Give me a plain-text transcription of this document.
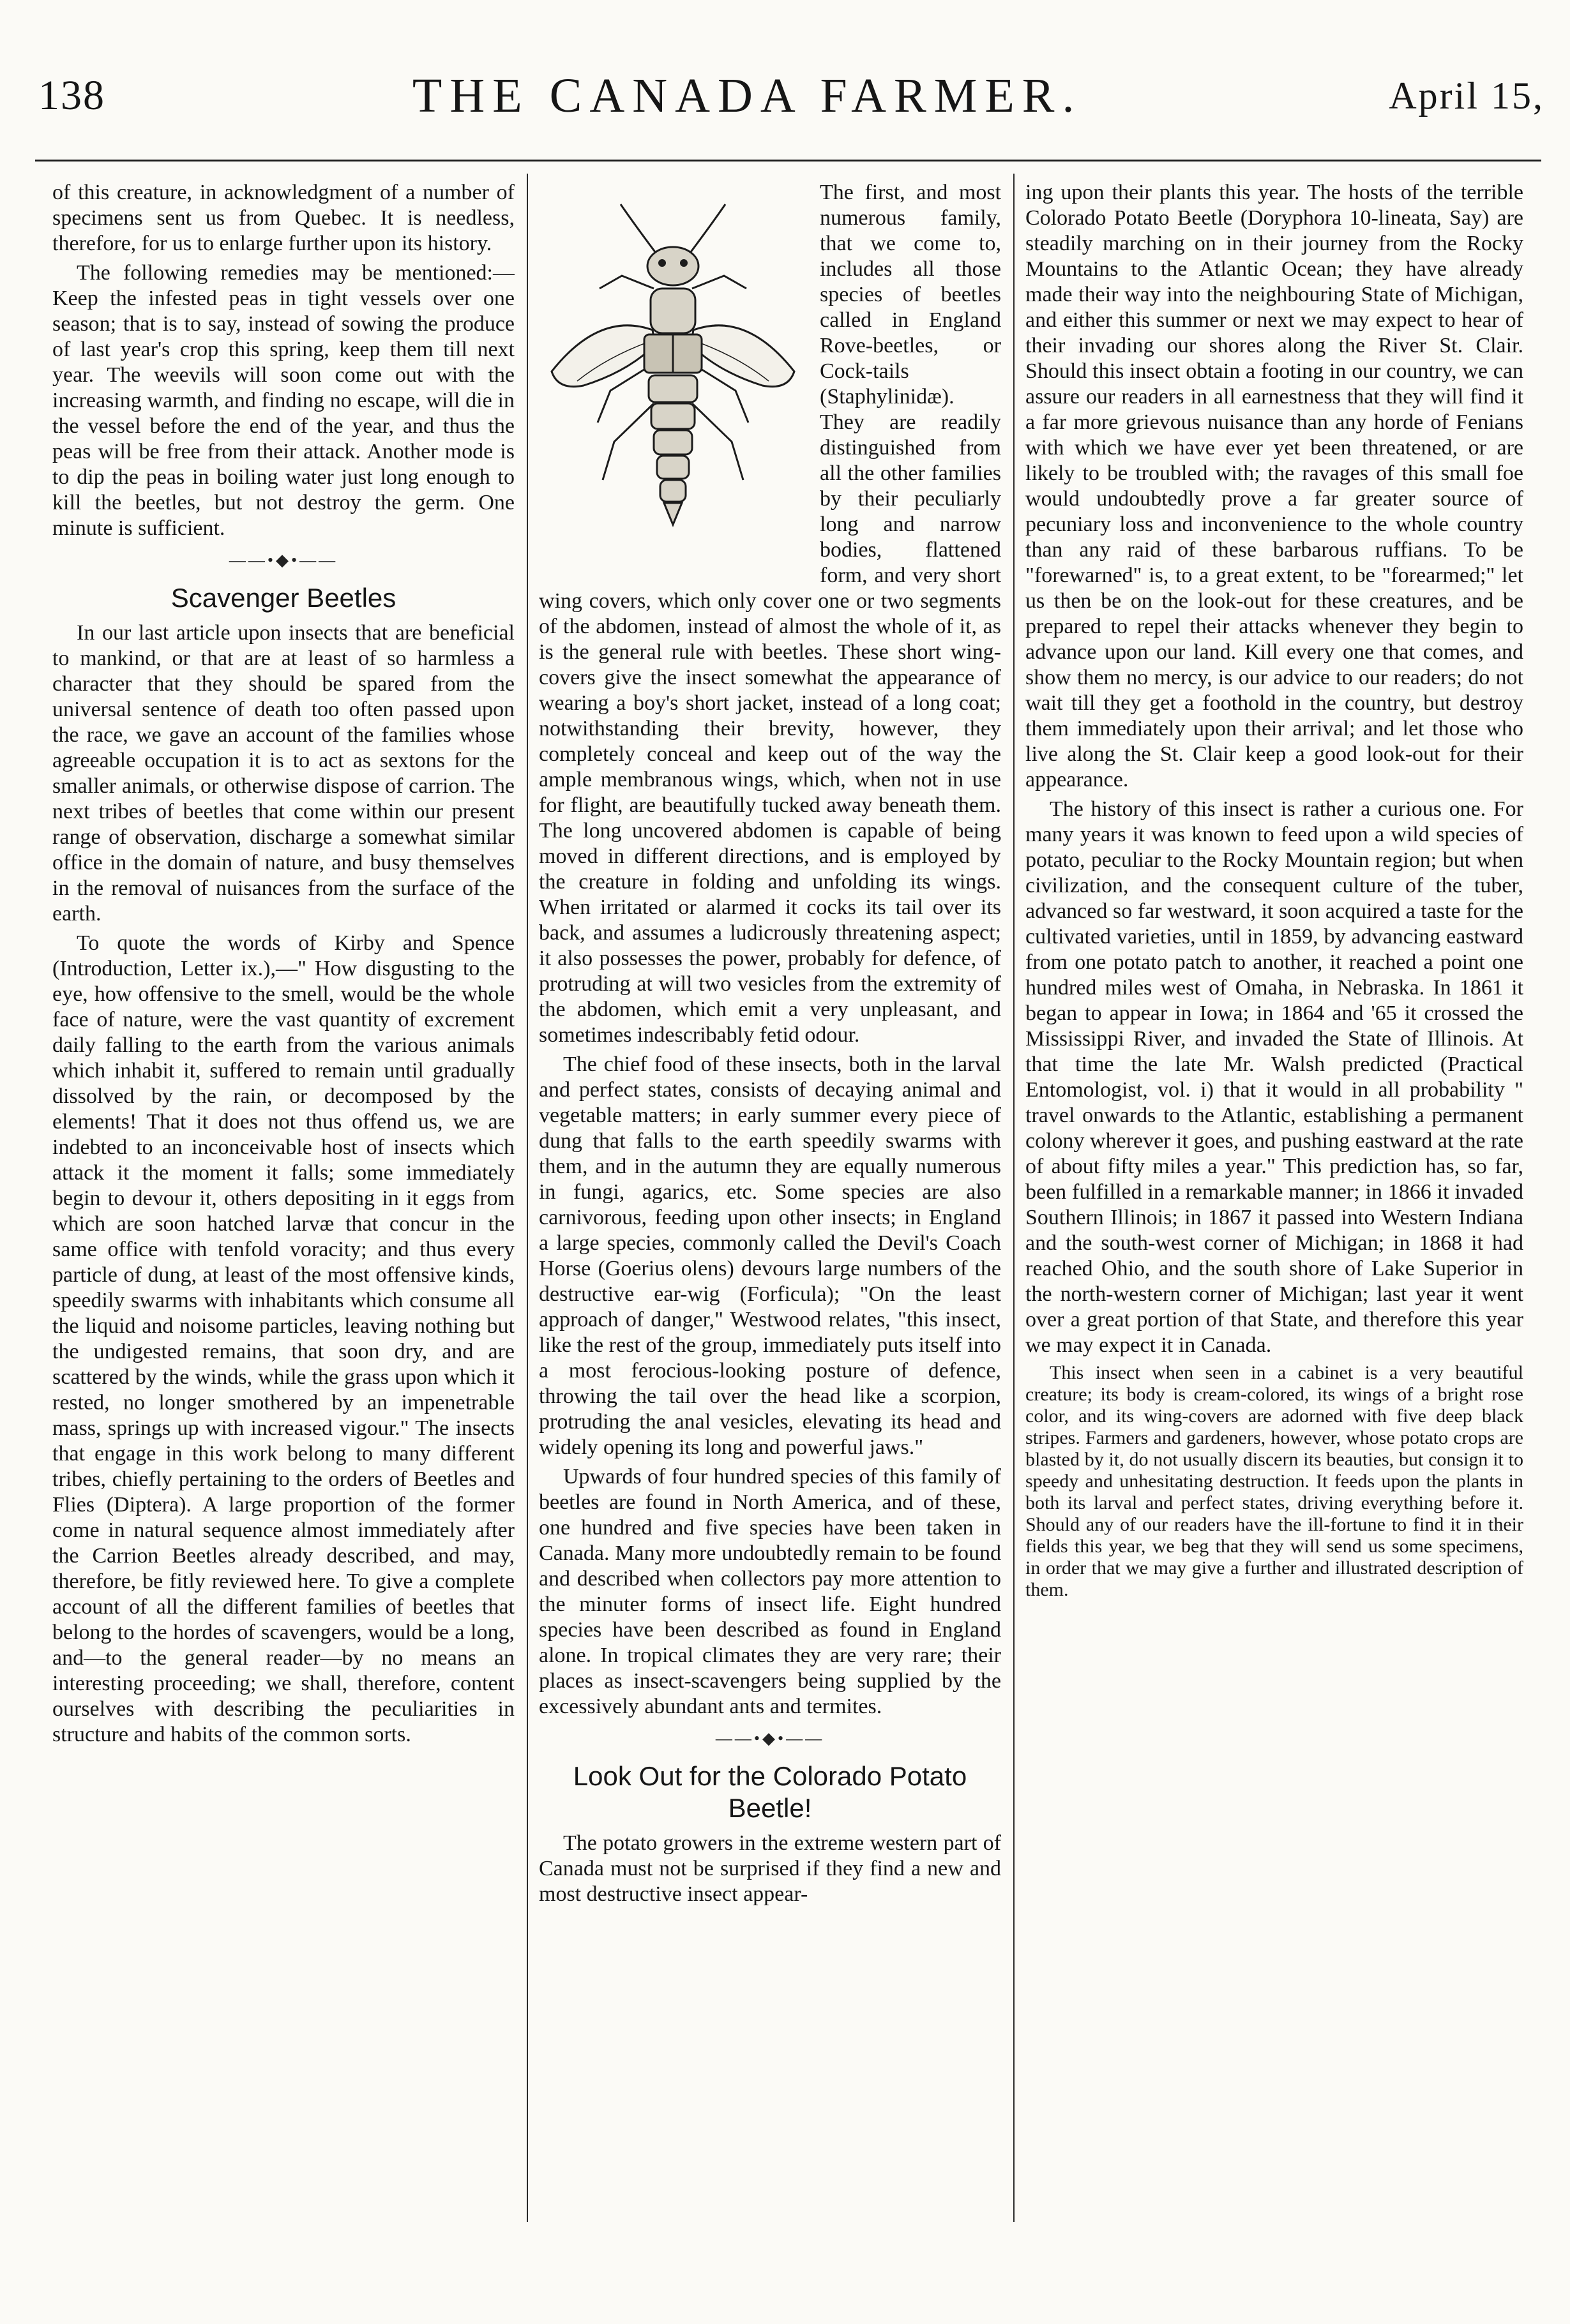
138	THE CANADA FARMER.	April 15,

of this creature, in acknowledgment of a number of specimens sent us from Quebec. It is needless, therefore, for us to enlarge further upon its history.

The following remedies may be mentioned:— Keep the infested peas in tight vessels over one season; that is to say, instead of sowing the produce of last year's crop this spring, keep them till next year. The weevils will soon come out with the increasing warmth, and finding no escape, will die in the vessel before the end of the year, and thus the peas will be free from their attack. Another mode is to dip the peas in boiling water just long enough to kill the beetles, but not destroy the germ. One minute is sufficient.

——•◆•——
Scavenger Beetles

In our last article upon insects that are beneficial to mankind, or that are at least of so harmless a character that they should be spared from the universal sentence of death too often passed upon the race, we gave an account of the families whose agreeable occupation it is to act as sextons for the smaller animals, or otherwise dispose of carrion. The next tribes of beetles that come within our present range of observation, discharge a somewhat similar office in the domain of nature, and busy themselves in the removal of nuisances from the surface of the earth.

To quote the words of Kirby and Spence (Introduction, Letter ix.),—" How disgusting to the eye, how offensive to the smell, would be the whole face of nature, were the vast quantity of excrement daily falling to the earth from the various animals which inhabit it, suffered to remain until gradually dissolved by the rain, or decomposed by the elements! That it does not thus offend us, we are indebted to an inconceivable host of insects which attack it the moment it falls; some immediately begin to devour it, others depositing in it eggs from which are soon hatched larvæ that concur in the same office with tenfold voracity; and thus every particle of dung, at least of the most offensive kinds, speedily swarms with inhabitants which consume all the liquid and noisome particles, leaving nothing but the undigested remains, that soon dry, and are scattered by the winds, while the grass upon which it rested, no longer smothered by an impenetrable mass, springs up with increased vigour." The insects that engage in this work belong to many different tribes, chiefly pertaining to the orders of Beetles and Flies (Diptera). A large proportion of the former come in natural sequence almost immediately after the Carrion Beetles already described, and may, therefore, be fitly reviewed here. To give a complete account of all the different families of beetles that belong to the hordes of scavengers, would be a long, and—to the general reader—by no means an interesting proceeding; we shall, therefore, content ourselves with describing the peculiarities in structure and habits of the common sorts.

The first, and most numerous family, that we come to, includes all those species of beetles called in England Rove-beetles, or Cock-tails (Staphylinidæ). They are readily distinguished from all the other families by their peculiarly long and narrow bodies, flattened form, and very short wing covers, which only cover one or two segments of the abdomen, instead of almost the whole of it, as is the general rule with beetles. These short wing-covers give the insect somewhat the appearance of wearing a boy's short jacket, instead of a long coat; notwithstanding their brevity, however, they completely conceal and keep out of the way the ample membranous wings, which, when not in use for flight, are beautifully tucked away beneath them. The long uncovered abdomen is capable of being moved in different directions, and is employed by the creature in folding and unfolding its wings. When irritated or alarmed it cocks its tail over its back, and assumes a ludicrously threatening aspect; it also possesses the power, probably for defence, of protruding at will two vesicles from the extremity of the abdomen, which emit a very unpleasant, and sometimes indescribably fetid odour.

The chief food of these insects, both in the larval and perfect states, consists of decaying animal and vegetable matters; in early summer every piece of dung that falls to the earth speedily swarms with them, and in the autumn they are equally numerous in fungi, agarics, etc. Some species are also carnivorous, feeding upon other insects; in England a large species, commonly called the Devil's Coach Horse (Goerius olens) devours large numbers of the destructive ear-wig (Forficula); "On the least approach of danger," Westwood relates, "this insect, like the rest of the group, immediately puts itself into a most ferocious-looking posture of defence, throwing the tail over the head like a scorpion, protruding the anal vesicles, elevating its head and widely opening its long and powerful jaws."

Upwards of four hundred species of this family of beetles are found in North America, and of these, one hundred and five species have been taken in Canada. Many more undoubtedly remain to be found and described when collectors pay more attention to the minuter forms of insect life. Eight hundred species have been described as found in England alone. In tropical climates they are very rare; their places as insect-scavengers being supplied by the excessively abundant ants and termites.

——•◆•——
Look Out for the Colorado Potato Beetle!

The potato growers in the extreme western part of Canada must not be surprised if they find a new and most destructive insect appear-

ing upon their plants this year. The hosts of the terrible Colorado Potato Beetle (Doryphora 10-lineata, Say) are steadily marching on in their journey from the Rocky Mountains to the Atlantic Ocean; they have already made their way into the neighbouring State of Michigan, and either this summer or next we may expect to hear of their invading our shores along the River St. Clair. Should this insect obtain a footing in our country, we can assure our readers in all earnestness that they will find it a far more grievous nuisance than any horde of Fenians with which we have ever yet been threatened, or are likely to be troubled with; the ravages of this small foe would undoubtedly prove a far greater source of pecuniary loss and inconvenience to the whole country than any raid of these barbarous ruffians. To be "forewarned" is, to a great extent, to be "forearmed;" let us then be on the look-out for these creatures, and be prepared to repel their attacks whenever they begin to advance upon our land. Kill every one that comes, and show them no mercy, is our advice to our readers; do not wait till they get a foothold in the country, but destroy them immediately upon their arrival; and let those who live along the St. Clair keep a good look-out for their appearance.

The history of this insect is rather a curious one. For many years it was known to feed upon a wild species of potato, peculiar to the Rocky Mountain region; but when civilization, and the consequent culture of the tuber, advanced so far westward, it soon acquired a taste for the cultivated varieties, until in 1859, by advancing eastward from one potato patch to another, it reached a point one hundred miles west of Omaha, in Nebraska. In 1861 it began to appear in Iowa; in 1864 and '65 it crossed the Mississippi River, and invaded the State of Illinois. At that time the late Mr. Walsh predicted (Practical Entomologist, vol. i) that it would in all probability " travel onwards to the Atlantic, establishing a permanent colony wherever it goes, and pushing eastward at the rate of about fifty miles a year." This prediction has, so far, been fulfilled in a remarkable manner; in 1866 it invaded Southern Illinois; in 1867 it passed into Western Indiana and the south-west corner of Michigan; in 1868 it had reached Ohio, and the south shore of Lake Superior in the north-western corner of Michigan; last year it went over a great portion of that State, and therefore this year we may expect it in Canada.

This insect when seen in a cabinet is a very beautiful creature; its body is cream-colored, its wings of a bright rose color, and its wing-covers are adorned with five deep black stripes. Farmers and gardeners, however, whose potato crops are blasted by it, do not usually discern its beauties, but consign it to speedy and unhesitating destruction. It feeds upon the plants in both its larval and perfect states, driving everything before it. Should any of our readers have the ill-fortune to find it in their fields this year, we beg that they will send us some specimens, in order that we may give a further and illustrated description of them.
